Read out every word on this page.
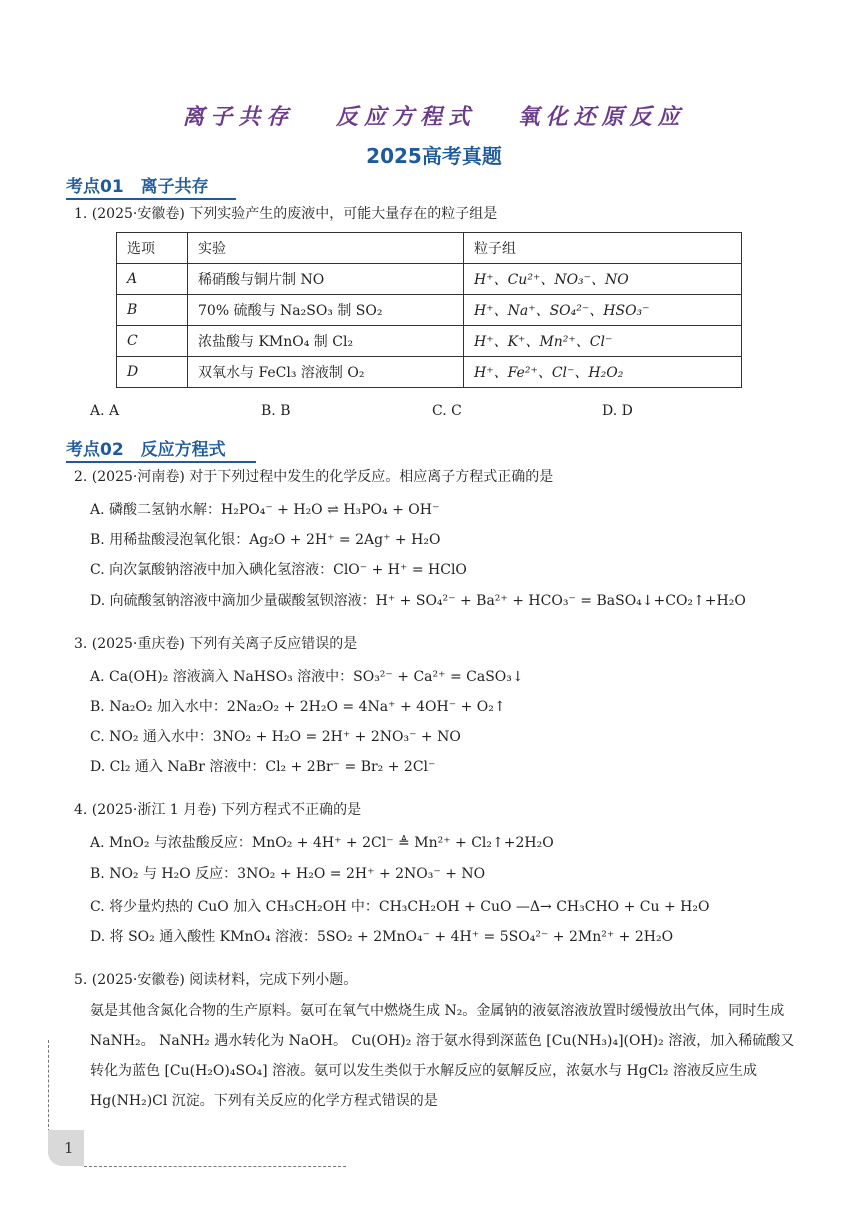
离子共存 反应方程式 氧化还原反应
2025高考真题
考点01　离子共存
1. (2025·安徽卷) 下列实验产生的废液中，可能大量存在的粒子组是
选项	实验	粒子组
A	稀硝酸与铜片制 NO	H⁺、Cu²⁺、NO₃⁻、NO
B	70% 硫酸与 Na₂SO₃ 制 SO₂	H⁺、Na⁺、SO₄²⁻、HSO₃⁻
C	浓盐酸与 KMnO₄ 制 Cl₂	H⁺、K⁺、Mn²⁺、Cl⁻
D	双氧水与 FeCl₃ 溶液制 O₂	H⁺、Fe²⁺、Cl⁻、H₂O₂
A. A	B. B	C. C	D. D
考点02　反应方程式
2. (2025·河南卷) 对于下列过程中发生的化学反应。相应离子方程式正确的是
A. 磷酸二氢钠水解：H₂PO₄⁻ + H₂O ⇌ H₃PO₄ + OH⁻
B. 用稀盐酸浸泡氧化银：Ag₂O + 2H⁺ = 2Ag⁺ + H₂O
C. 向次氯酸钠溶液中加入碘化氢溶液：ClO⁻ + H⁺ = HClO
D. 向硫酸氢钠溶液中滴加少量碳酸氢钡溶液：H⁺ + SO₄²⁻ + Ba²⁺ + HCO₃⁻ = BaSO₄↓+CO₂↑+H₂O
3. (2025·重庆卷) 下列有关离子反应错误的是
A. Ca(OH)₂ 溶液滴入 NaHSO₃ 溶液中：SO₃²⁻ + Ca²⁺ = CaSO₃↓
B. Na₂O₂ 加入水中：2Na₂O₂ + 2H₂O = 4Na⁺ + 4OH⁻ + O₂↑
C. NO₂ 通入水中：3NO₂ + H₂O = 2H⁺ + 2NO₃⁻ + NO
D. Cl₂ 通入 NaBr 溶液中：Cl₂ + 2Br⁻ = Br₂ + 2Cl⁻
4. (2025·浙江 1 月卷) 下列方程式不正确的是
A. MnO₂ 与浓盐酸反应：MnO₂ + 4H⁺ + 2Cl⁻ ≜ Mn²⁺ + Cl₂↑+2H₂O
B. NO₂ 与 H₂O 反应：3NO₂ + H₂O = 2H⁺ + 2NO₃⁻ + NO
C. 将少量灼热的 CuO 加入 CH₃CH₂OH 中：CH₃CH₂OH + CuO —Δ→ CH₃CHO + Cu + H₂O
D. 将 SO₂ 通入酸性 KMnO₄ 溶液：5SO₂ + 2MnO₄⁻ + 4H⁺ = 5SO₄²⁻ + 2Mn²⁺ + 2H₂O
5. (2025·安徽卷) 阅读材料，完成下列小题。
氨是其他含氮化合物的生产原料。氨可在氧气中燃烧生成 N₂。金属钠的液氨溶液放置时缓慢放出气体，同时生成 NaNH₂。 NaNH₂ 遇水转化为 NaOH。 Cu(OH)₂ 溶于氨水得到深蓝色 [Cu(NH₃)₄](OH)₂ 溶液，加入稀硫酸又转化为蓝色 [Cu(H₂O)₄SO₄] 溶液。氨可以发生类似于水解反应的氨解反应，浓氨水与 HgCl₂ 溶液反应生成 Hg(NH₂)Cl 沉淀。下列有关反应的化学方程式错误的是
1
